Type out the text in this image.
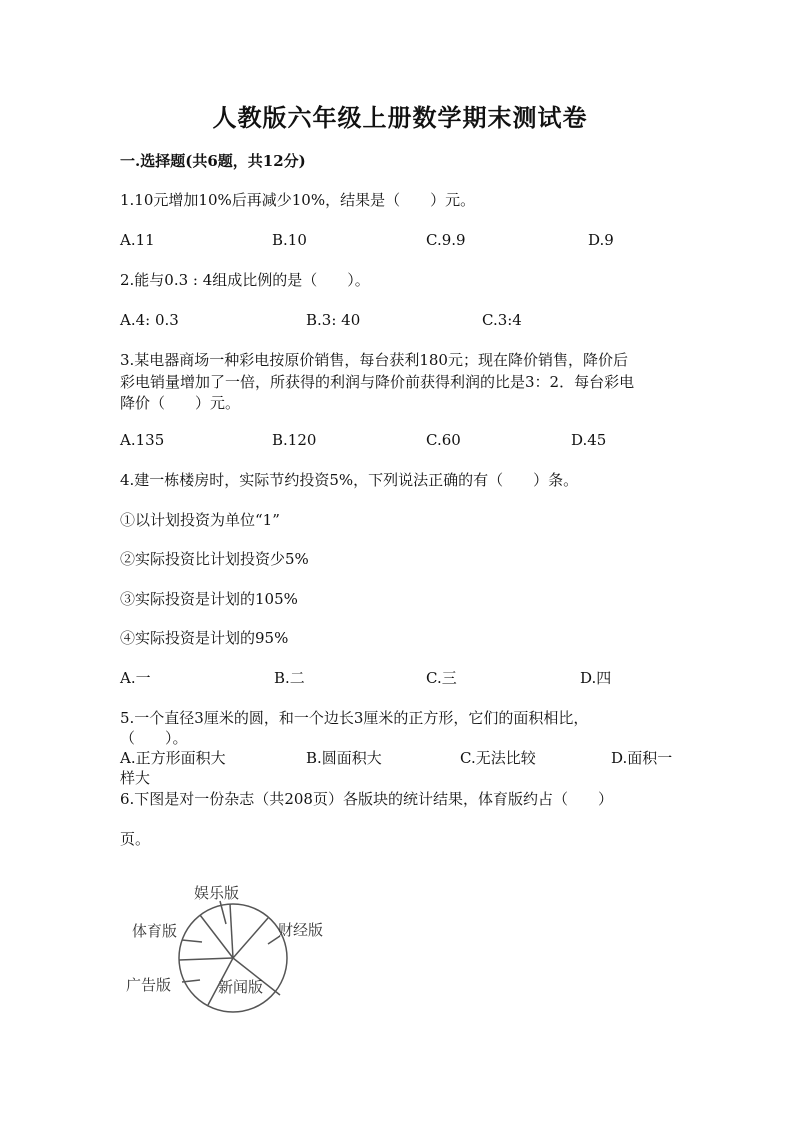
人教版六年级上册数学期末测试卷
一.选择题(共6题，共12分)
1.10元增加10%后再减少10%，结果是（　　）元。
A.11	B.10	C.9.9	D.9
2.能与0.3 : 4组成比例的是（　　）。
A.4: 0.3	B.3: 40	C.3:4
3.某电器商场一种彩电按原价销售，每台获利180元；现在降价销售，降价后
彩电销量增加了一倍，所获得的利润与降价前获得利润的比是3：2．每台彩电
降价（　　）元。
A.135	B.120	C.60	D.45
4.建一栋楼房时，实际节约投资5%，下列说法正确的有（　　）条。
①以计划投资为单位“1”
②实际投资比计划投资少5%
③实际投资是计划的105%
④实际投资是计划的95%
A.一	B.二	C.三	D.四
5.一个直径3厘米的圆，和一个边长3厘米的正方形，它们的面积相比，
（　　）。
A.正方形面积大	B.圆面积大	C.无法比较	D.面积一
样大
6.下图是对一份杂志（共208页）各版块的统计结果，体育版约占（　　）
页。
娱乐版
体育版	财经版
广告版	新闻版
